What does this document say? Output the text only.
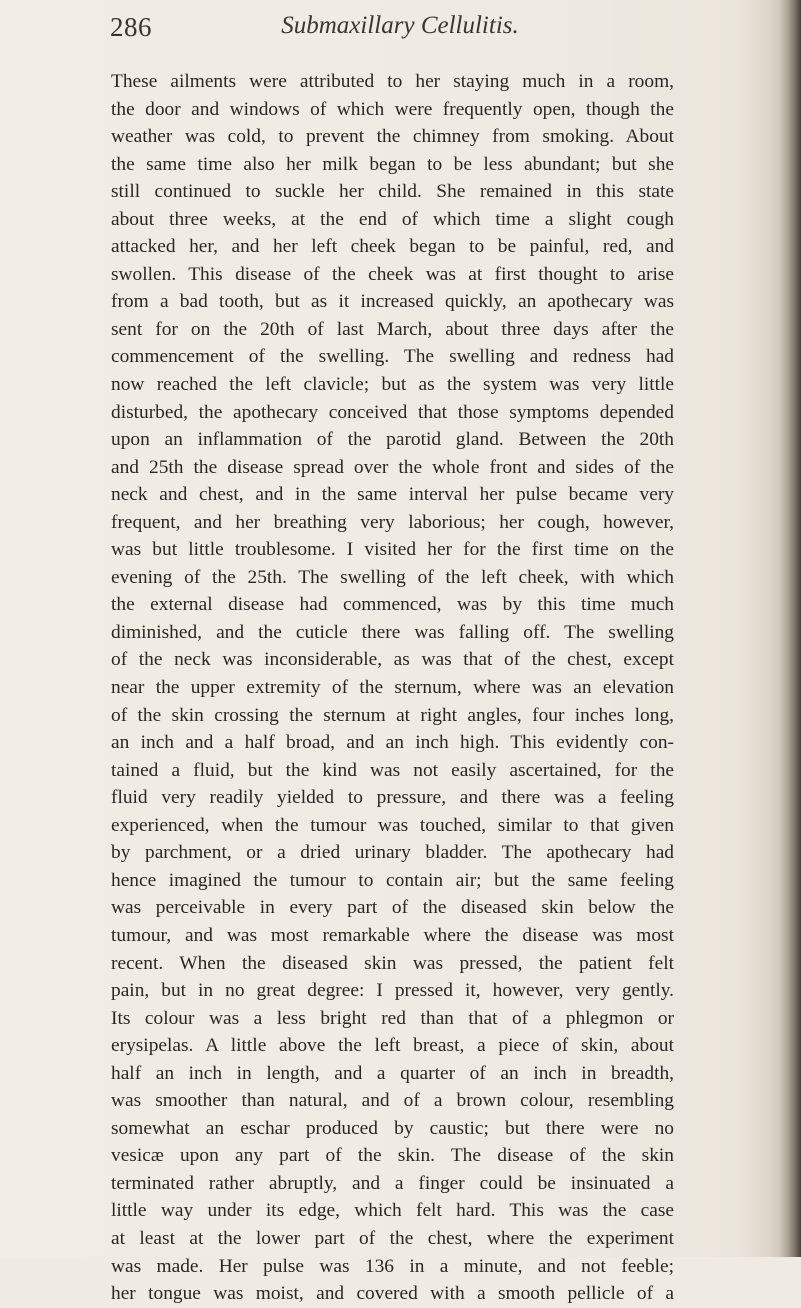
286	Submaxillary Cellulitis.
These ailments were attributed to her staying much in a room,
the door and windows of which were frequently open, though the
weather was cold, to prevent the chimney from smoking. About
the same time also her milk began to be less abundant; but she
still continued to suckle her child. She remained in this state
about three weeks, at the end of which time a slight cough
attacked her, and her left cheek began to be painful, red, and
swollen. This disease of the cheek was at first thought to arise
from a bad tooth, but as it increased quickly, an apothecary was
sent for on the 20th of last March, about three days after the
commencement of the swelling. The swelling and redness had
now reached the left clavicle; but as the system was very little
disturbed, the apothecary conceived that those symptoms depended
upon an inflammation of the parotid gland. Between the 20th
and 25th the disease spread over the whole front and sides of the
neck and chest, and in the same interval her pulse became very
frequent, and her breathing very laborious; her cough, however,
was but little troublesome. I visited her for the first time on the
evening of the 25th. The swelling of the left cheek, with which
the external disease had commenced, was by this time much
diminished, and the cuticle there was falling off. The swelling
of the neck was inconsiderable, as was that of the chest, except
near the upper extremity of the sternum, where was an elevation
of the skin crossing the sternum at right angles, four inches long,
an inch and a half broad, and an inch high. This evidently con-
tained a fluid, but the kind was not easily ascertained, for the
fluid very readily yielded to pressure, and there was a feeling
experienced, when the tumour was touched, similar to that given
by parchment, or a dried urinary bladder. The apothecary had
hence imagined the tumour to contain air; but the same feeling
was perceivable in every part of the diseased skin below the
tumour, and was most remarkable where the disease was most
recent. When the diseased skin was pressed, the patient felt
pain, but in no great degree: I pressed it, however, very gently.
Its colour was a less bright red than that of a phlegmon or
erysipelas. A little above the left breast, a piece of skin, about
half an inch in length, and a quarter of an inch in breadth,
was smoother than natural, and of a brown colour, resembling
somewhat an eschar produced by caustic; but there were no
vesicæ upon any part of the skin. The disease of the skin
terminated rather abruptly, and a finger could be insinuated a
little way under its edge, which felt hard. This was the case
at least at the lower part of the chest, where the experiment
was made. Her pulse was 136 in a minute, and not feeble;
her tongue was moist, and covered with a smooth pellicle of a
